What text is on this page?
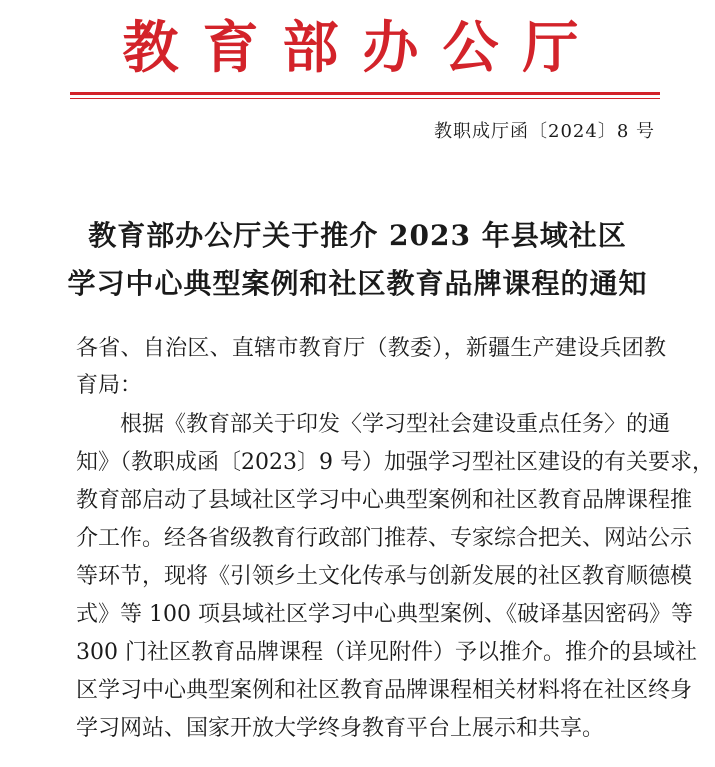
教育部办公厅
教职成厅函〔2024〕8 号
教育部办公厅关于推介 2023 年县域社区
学习中心典型案例和社区教育品牌课程的通知
各省、自治区、直辖市教育厅（教委），新疆生产建设兵团教
育局：
根据《教育部关于印发〈学习型社会建设重点任务〉的通
知》（教职成函〔2023〕9 号）加强学习型社区建设的有关要求，
教育部启动了县域社区学习中心典型案例和社区教育品牌课程推
介工作。经各省级教育行政部门推荐、专家综合把关、网站公示
等环节，现将《引领乡土文化传承与创新发展的社区教育顺德模
式》等 100 项县域社区学习中心典型案例、《破译基因密码》等
300 门社区教育品牌课程（详见附件）予以推介。推介的县域社
区学习中心典型案例和社区教育品牌课程相关材料将在社区终身
学习网站、国家开放大学终身教育平台上展示和共享。
